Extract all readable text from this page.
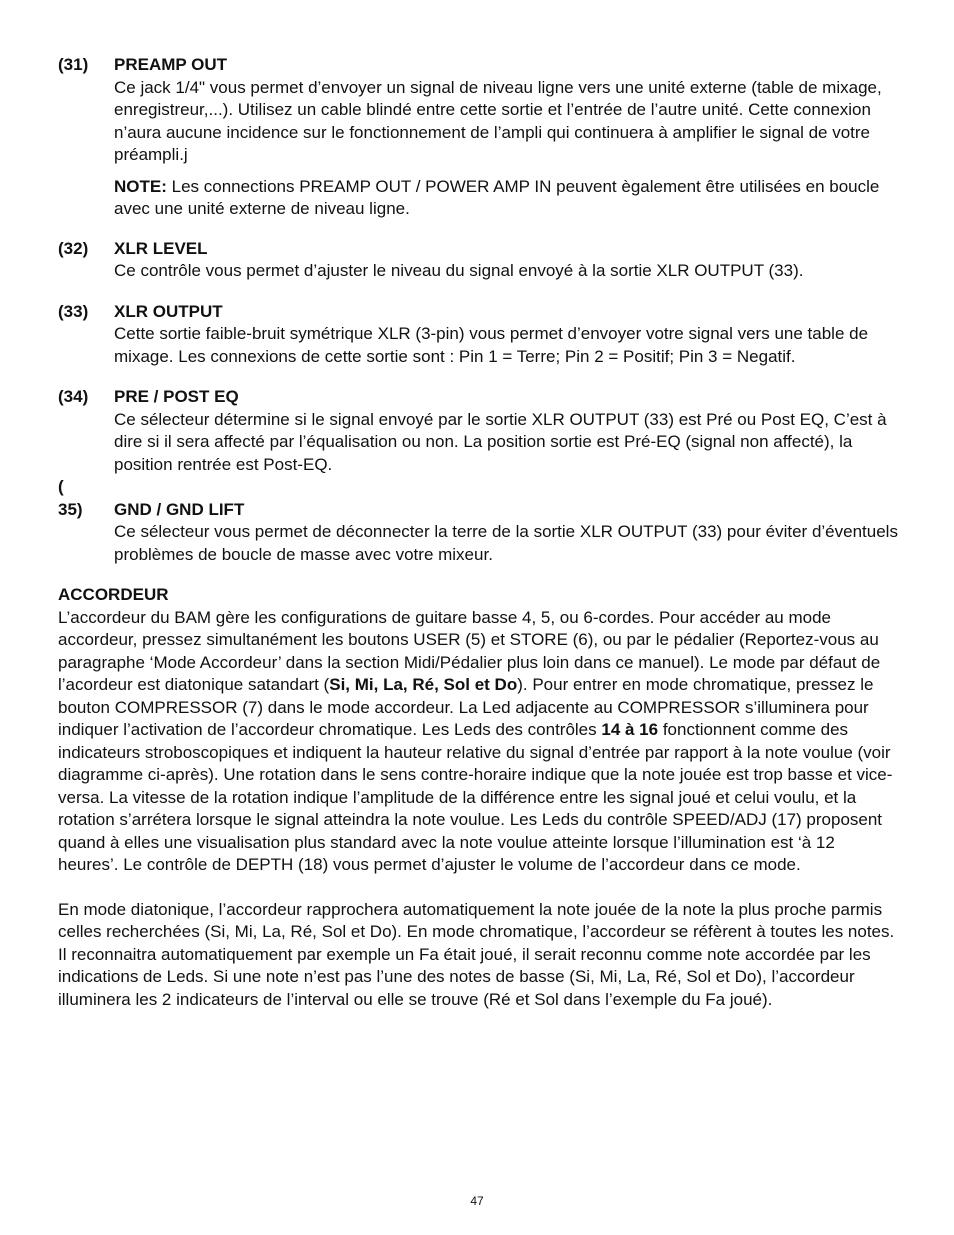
(31)	PREAMP OUT
Ce jack 1/4" vous permet d’envoyer un signal de niveau ligne vers une unité externe (table de mixage, enregistreur,...). Utilisez un cable blindé entre cette sortie et l’entrée de l’autre unité. Cette connexion n’aura aucune incidence sur le fonctionnement de l’ampli qui continuera à amplifier le signal de votre préampli.j
NOTE: Les connections PREAMP OUT / POWER AMP IN peuvent ègalement être utilisées en boucle avec une unité externe de niveau ligne.
(32)	XLR LEVEL
Ce contrôle vous permet d’ajuster le niveau du signal envoyé à la sortie XLR OUTPUT (33).
(33)	XLR OUTPUT
Cette sortie faible-bruit symétrique XLR (3-pin) vous permet d’envoyer votre signal vers une table de mixage. Les connexions de cette sortie sont : Pin 1 = Terre; Pin 2 = Positif; Pin 3 = Negatif.
(34)	PRE / POST EQ
Ce sélecteur détermine si le signal envoyé par le sortie XLR OUTPUT (33) est Pré ou Post EQ, C’est à dire si il sera affecté par l’équalisation ou non. La position sortie est Pré-EQ (signal non affecté), la position rentrée est Post-EQ.
(
35)	GND / GND LIFT
Ce sélecteur vous permet de déconnecter la terre de la sortie XLR OUTPUT (33) pour éviter d’éventuels problèmes de boucle de masse avec votre mixeur.
ACCORDEUR

L’accordeur du BAM gère les configurations de guitare basse 4, 5, ou 6-cordes. Pour accéder au mode accordeur, pressez simultanément les boutons USER (5) et STORE (6), ou par le pédalier (Reportez-vous au paragraphe ‘Mode Accordeur’ dans la section Midi/Pédalier plus loin dans ce manuel). Le mode par défaut de l’acordeur est diatonique satandart (Si, Mi, La, Ré, Sol et Do). Pour entrer en mode chromatique, pressez le bouton COMPRESSOR (7) dans le mode accordeur. La Led adjacente au COMPRESSOR s’illuminera pour indiquer l’activation de l’accordeur chromatique. Les Leds des contrôles 14 à 16 fonctionnent comme des indicateurs stroboscopiques et indiquent la hauteur relative du signal d’entrée par rapport à la note voulue (voir diagramme ci-après). Une rotation dans le sens contre-horaire indique que la note jouée est trop basse et vice-versa. La vitesse de la rotation indique l’amplitude de la différence entre les signal joué et celui voulu, et la rotation s’arrétera lorsque le signal atteindra la note voulue. Les Leds du contrôle SPEED/ADJ (17) proposent quand à elles une visualisation plus standard avec la note voulue atteinte lorsque l’illumination est ‘à 12 heures’. Le contrôle de DEPTH (18) vous permet d’ajuster le volume de l’accordeur dans ce mode.

En mode diatonique, l’accordeur rapprochera automatiquement la note jouée de la note la plus proche parmis celles recherchées (Si, Mi, La, Ré, Sol et Do). En mode chromatique, l’accordeur se réfèrent à toutes les notes. Il reconnaitra automatiquement par exemple un Fa était joué, il serait reconnu comme note accordée par les indications de Leds. Si une note n’est pas l’une des notes de basse (Si, Mi, La, Ré, Sol et Do), l’accordeur illuminera les 2 indicateurs de l’interval ou elle se trouve (Ré et Sol dans l’exemple du Fa joué).

47
